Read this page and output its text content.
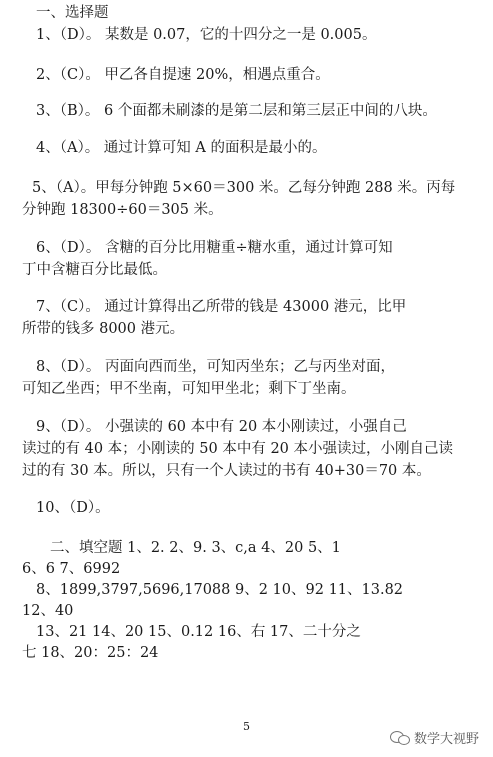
一、选择题
1、（D）。 某数是 0.07，它的十四分之一是 0.005。
2、（C）。 甲乙各自提速 20%，相遇点重合。
3、（B）。 6 个面都未刷漆的是第二层和第三层正中间的八块。
4、（A）。 通过计算可知 A 的面积是最小的。
5、（A）。甲每分钟跑 5×60＝300 米。乙每分钟跑 288 米。丙每
分钟跑 18300÷60＝305 米。
6、（D）。 含糖的百分比用糖重÷糖水重，通过计算可知
丁中含糖百分比最低。
7、（C）。 通过计算得出乙所带的钱是 43000 港元，比甲
所带的钱多 8000 港元。
8、（D）。 丙面向西而坐，可知丙坐东；乙与丙坐对面，
可知乙坐西；甲不坐南，可知甲坐北；剩下丁坐南。
9、（D）。 小强读的 60 本中有 20 本小刚读过，小强自己
读过的有 40 本；小刚读的 50 本中有 20 本小强读过，小刚自己读
过的有 30 本。所以，只有一个人读过的书有 40+30＝70 本。
10、（D）。
二、填空题 1、2. 2、9. 3、c,a 4、20 5、1
6、6 7、6992
8、1899,3797,5696,17088 9、2 10、92 11、13.82
12、40
13、21 14、20 15、0.12 16、右 17、二十分之
七 18、20：25：24
5
数学大视野
